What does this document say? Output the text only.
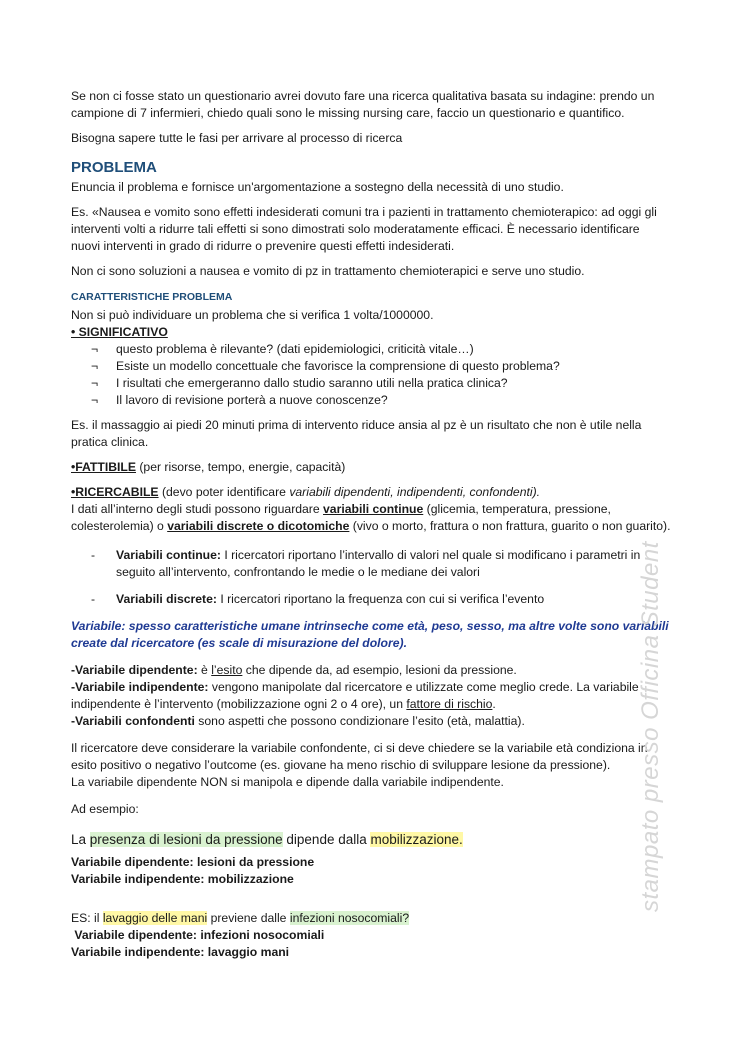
Se non ci fosse stato un questionario avrei dovuto fare una ricerca qualitativa basata su indagine: prendo un campione di 7 infermieri, chiedo quali sono le missing nursing care, faccio un questionario e quantifico.

Bisogna sapere tutte le fasi per arrivare al processo di ricerca

PROBLEMA

Enuncia il problema e fornisce un'argomentazione a sostegno della necessità di uno studio.

Es. «Nausea e vomito sono effetti indesiderati comuni tra i pazienti in trattamento chemioterapico: ad oggi gli interventi volti a ridurre tali effetti si sono dimostrati solo moderatamente efficaci. È necessario identificare nuovi interventi in grado di ridurre o prevenire questi effetti indesiderati.

Non ci sono soluzioni a nausea e vomito di pz in trattamento chemioterapici e serve uno studio.

CARATTERISTICHE PROBLEMA

Non si può individuare un problema che si verifica 1 volta/1000000.

• SIGNIFICATIVO

¬ questo problema è rilevante? (dati epidemiologici, criticità vitale…)
¬ Esiste un modello concettuale che favorisce la comprensione di questo problema?
¬ I risultati che emergeranno dallo studio saranno utili nella pratica clinica?
¬ Il lavoro di revisione porterà a nuove conoscenze?

Es. il massaggio ai piedi 20 minuti prima di intervento riduce ansia al pz è un risultato che non è utile nella pratica clinica.

•FATTIBILE (per risorse, tempo, energie, capacità)

•RICERCABILE (devo poter identificare variabili dipendenti, indipendenti, confondenti).

I dati all’interno degli studi possono riguardare variabili continue (glicemia, temperatura, pressione, colesterolemia) o variabili discrete o dicotomiche (vivo o morto, frattura o non frattura, guarito o non guarito).

- Variabili continue: I ricercatori riportano l’intervallo di valori nel quale si modificano i parametri in seguito all’intervento, confrontando le medie o le mediane dei valori
- Variabili discrete: I ricercatori riportano la frequenza con cui si verifica l’evento

Variabile: spesso caratteristiche umane intrinseche come età, peso, sesso, ma altre volte sono variabili create dal ricercatore (es scale di misurazione del dolore).

-Variabile dipendente: è l’esito che dipende da, ad esempio, lesioni da pressione.

-Variabile indipendente: vengono manipolate dal ricercatore e utilizzate come meglio crede. La variabile indipendente è l’intervento (mobilizzazione ogni 2 o 4 ore), un fattore di rischio.

-Variabili confondenti sono aspetti che possono condizionare l’esito (età, malattia).

Il ricercatore deve considerare la variabile confondente, ci si deve chiedere se la variabile età condiziona in esito positivo o negativo l’outcome (es. giovane ha meno rischio di sviluppare lesione da pressione).

La variabile dipendente NON si manipola e dipende dalla variabile indipendente.

Ad esempio:

La presenza di lesioni da pressione dipende dalla mobilizzazione.

Variabile dipendente: lesioni da pressione

Variabile indipendente: mobilizzazione

ES: il lavaggio delle mani previene dalle infezioni nosocomiali?

Variabile dipendente: infezioni nosocomiali

Variabile indipendente: lavaggio mani

stampato presso Officina Student
